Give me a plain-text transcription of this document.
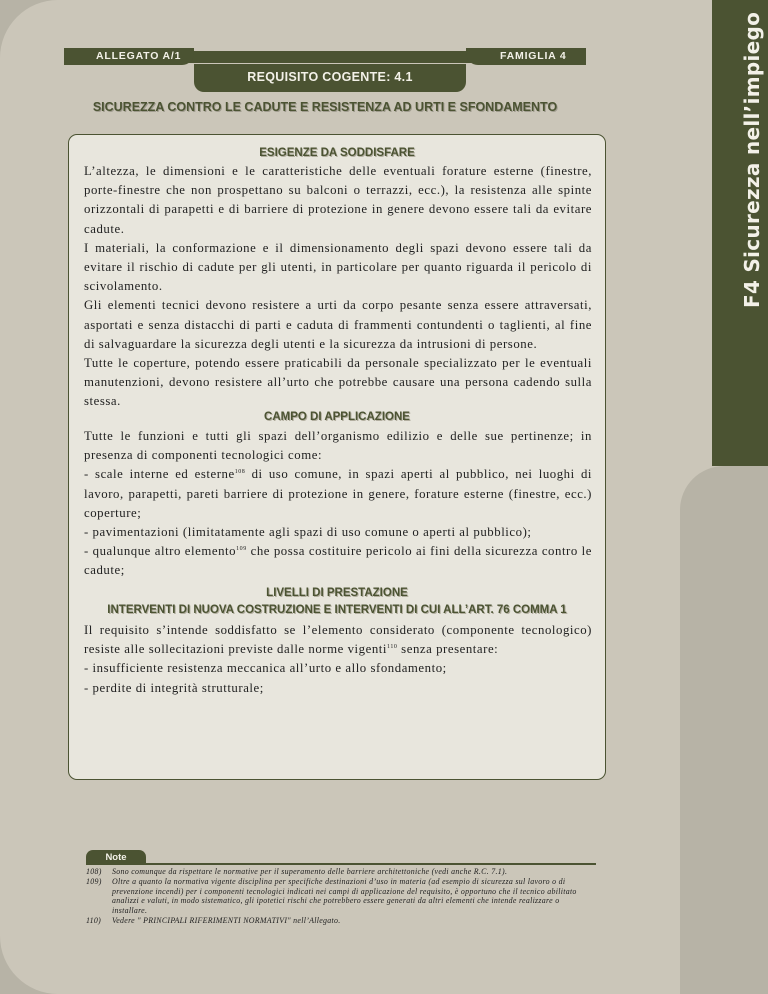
F4 Sicurezza nell’impiego
ALLEGATO A/1	FAMIGLIA 4
REQUISITO COGENTE: 4.1
SICUREZZA CONTRO LE CADUTE E RESISTENZA AD URTI E SFONDAMENTO
ESIGENZE DA SODDISFARE

L’altezza, le dimensioni e le caratteristiche delle eventuali forature esterne (finestre, porte-finestre che non prospettano su balconi o terrazzi, ecc.), la resistenza alle spinte orizzontali di parapetti e di barriere di protezione in genere devono essere tali da evitare cadute.

I materiali, la conformazione e il dimensionamento degli spazi devono essere tali da evitare il rischio di cadute per gli utenti, in particolare per quanto riguarda il pericolo di scivolamento.

Gli elementi tecnici devono resistere a urti da corpo pesante senza essere attraversati, asportati e senza distacchi di parti e caduta di frammenti contundenti o taglienti, al fine di salvaguardare la sicurezza degli utenti e la sicurezza da intrusioni di persone.

Tutte le coperture, potendo essere praticabili da personale specializzato per le eventuali manutenzioni, devono resistere all’urto che potrebbe causare una persona cadendo sulla stessa.

CAMPO DI APPLICAZIONE

Tutte le funzioni e tutti gli spazi dell’organismo edilizio e delle sue pertinenze; in presenza di componenti tecnologici come:

- scale interne ed esterne$^{108}$ di uso comune, in spazi aperti al pubblico, nei luoghi di lavoro, parapetti, pareti barriere di protezione in genere, forature esterne (finestre, ecc.) coperture;

- pavimentazioni (limitatamente agli spazi di uso comune o aperti al pubblico);

- qualunque altro elemento$^{109}$ che possa costituire pericolo ai fini della sicurezza contro le cadute;

LIVELLI DI PRESTAZIONE
INTERVENTI DI NUOVA COSTRUZIONE E INTERVENTI DI CUI ALL’ART. 76 COMMA 1

Il requisito s’intende soddisfatto se l’elemento considerato (componente tecnologico) resiste alle sollecitazioni previste dalle norme vigenti$^{110}$ senza presentare:

- insufficiente resistenza meccanica all’urto e allo sfondamento;

- perdite di integrità strutturale;

Note
108)	Sono comunque da rispettare le normative per il superamento delle barriere architettoniche (vedi anche R.C. 7.1).
109)	Oltre a quanto la normativa vigente disciplina per specifiche destinazioni d’uso in materia (ad esempio di sicurezza sul lavoro o di prevenzione incendi) per i componenti tecnologici indicati nei campi di applicazione del requisito, è opportuno che il tecnico abilitato analizzi e valuti, in modo sistematico, gli ipotetici rischi che potrebbero essere generati da altri elementi che intende realizzare o installare.
110)	Vedere " PRINCIPALI RIFERIMENTI NORMATIVI" nell’Allegato.
